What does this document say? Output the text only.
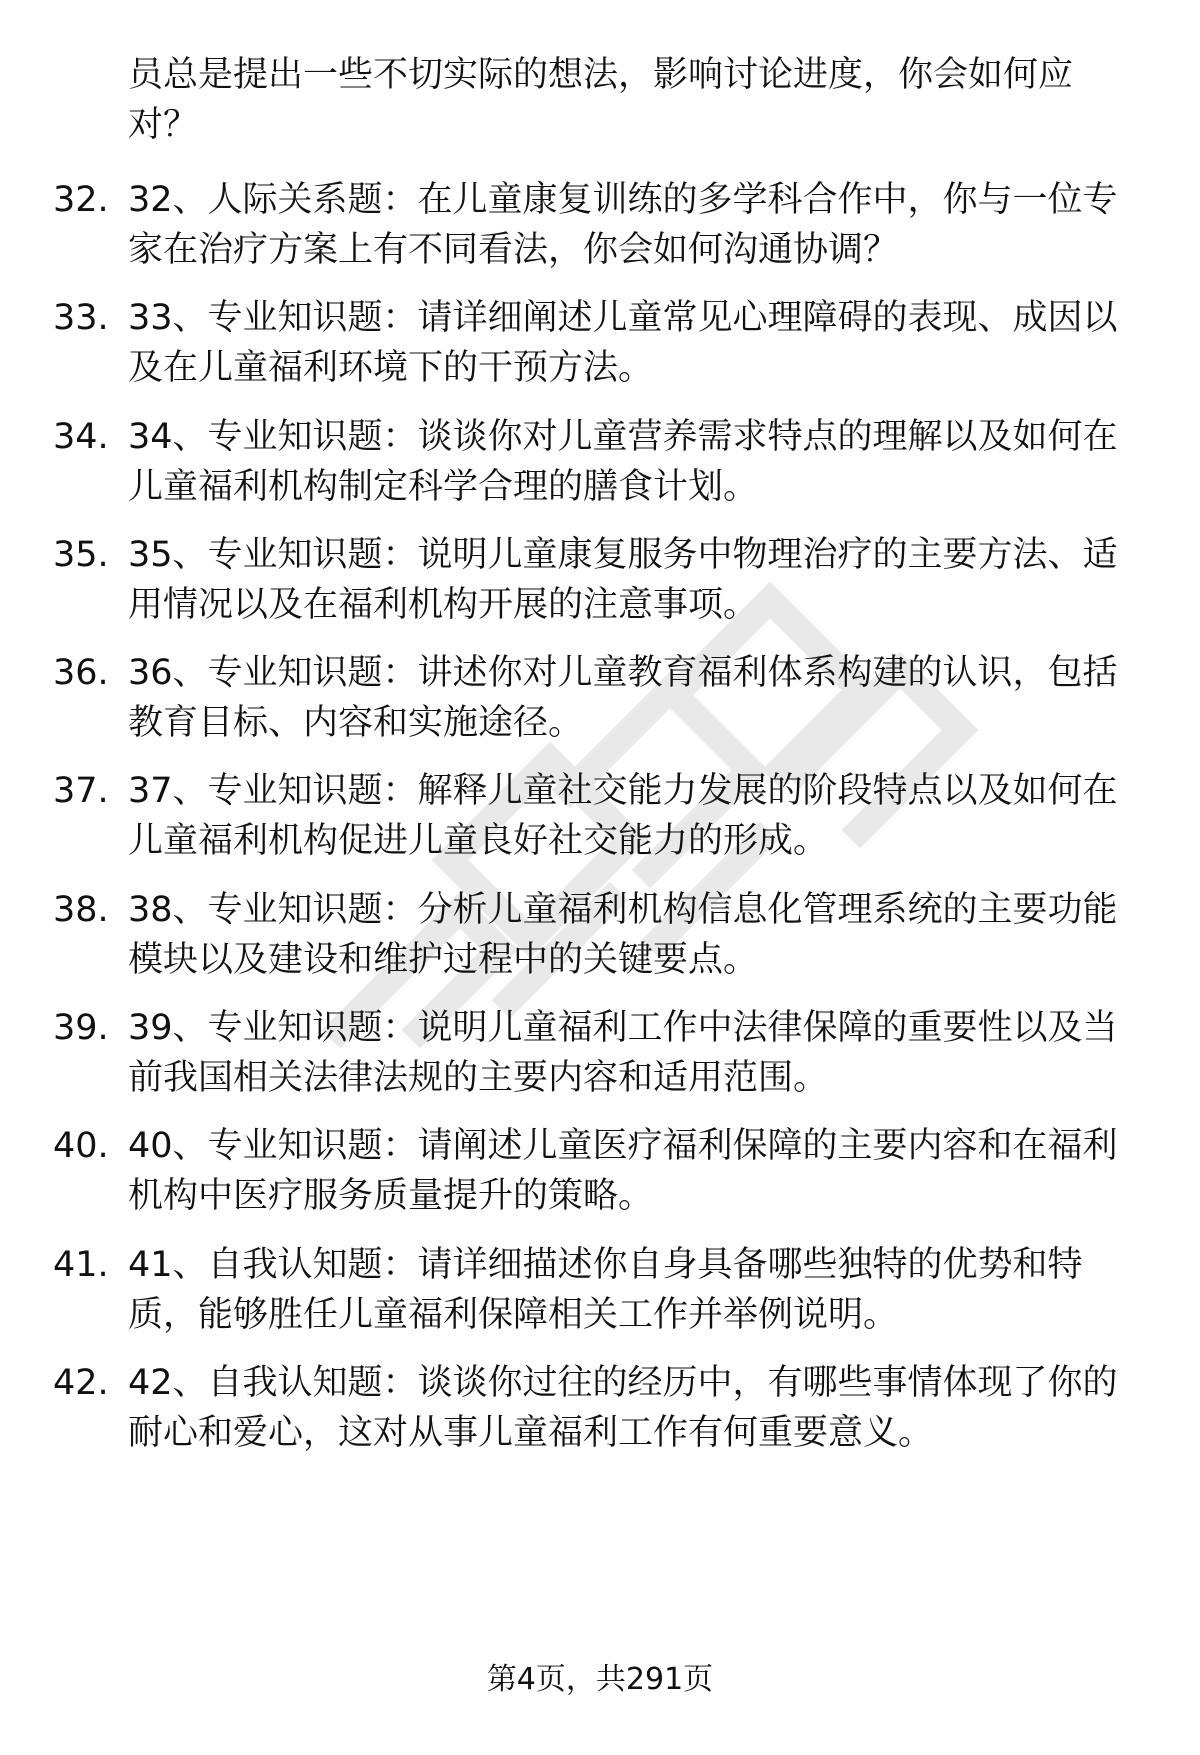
员总是提出一些不切实际的想法，影响讨论进度，你会如何应对？

32. 32、人际关系题：在儿童康复训练的多学科合作中，你与一位专家在治疗方案上有不同看法，你会如何沟通协调？
33. 33、专业知识题：请详细阐述儿童常见心理障碍的表现、成因以及在儿童福利环境下的干预方法。
34. 34、专业知识题：谈谈你对儿童营养需求特点的理解以及如何在儿童福利机构制定科学合理的膳食计划。
35. 35、专业知识题：说明儿童康复服务中物理治疗的主要方法、适用情况以及在福利机构开展的注意事项。
36. 36、专业知识题：讲述你对儿童教育福利体系构建的认识，包括教育目标、内容和实施途径。
37. 37、专业知识题：解释儿童社交能力发展的阶段特点以及如何在儿童福利机构促进儿童良好社交能力的形成。
38. 38、专业知识题：分析儿童福利机构信息化管理系统的主要功能模块以及建设和维护过程中的关键要点。
39. 39、专业知识题：说明儿童福利工作中法律保障的重要性以及当前我国相关法律法规的主要内容和适用范围。
40. 40、专业知识题：请阐述儿童医疗福利保障的主要内容和在福利机构中医疗服务质量提升的策略。
41. 41、自我认知题：请详细描述你自身具备哪些独特的优势和特质，能够胜任儿童福利保障相关工作并举例说明。
42. 42、自我认知题：谈谈你过往的经历中，有哪些事情体现了你的耐心和爱心，这对从事儿童福利工作有何重要意义。
第4页，共291页
